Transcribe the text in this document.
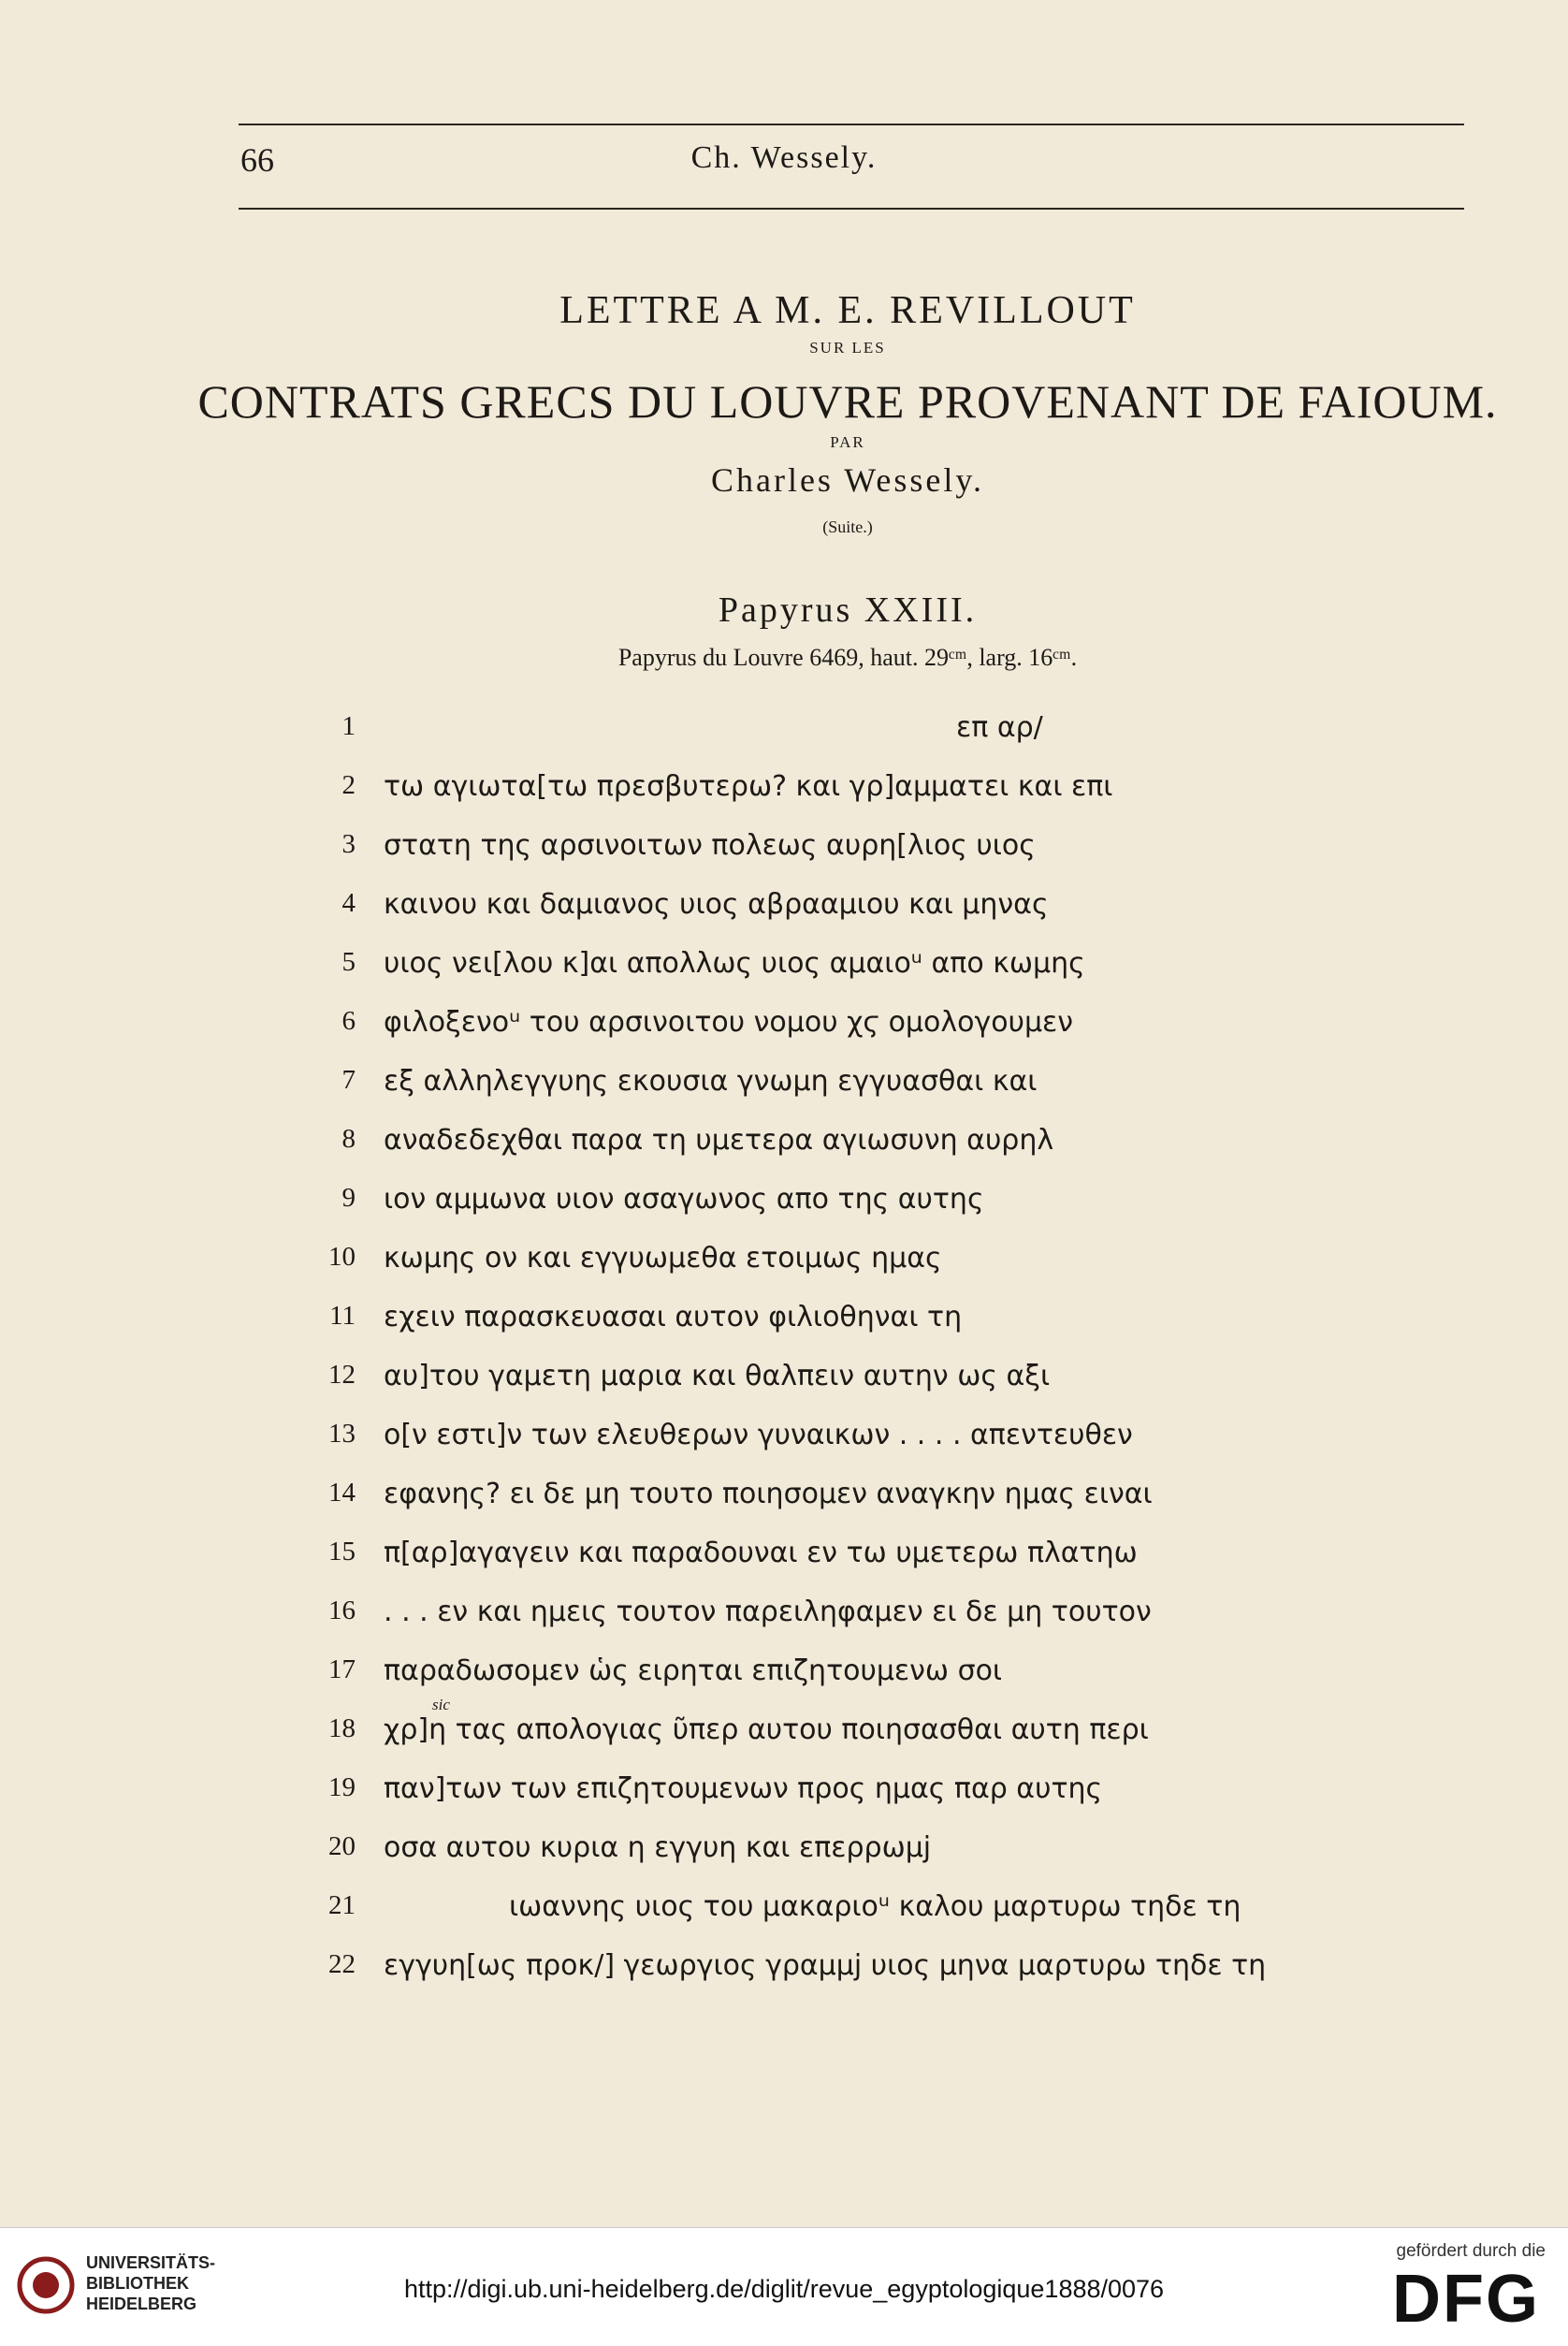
66	Ch. Wessely.
LETTRE A M. E. REVILLOUT
SUR LES
CONTRATS GRECS DU LOUVRE PROVENANT DE FAIOUM.
PAR
Charles Wessely.
(Suite.)
Papyrus XXIII.
Papyrus du Louvre 6469, haut. 29ᶜᵐ, larg. 16ᶜᵐ.
1	επ αρ/
2 τω αγιωτα[τω πρεσβυτερω? και γρ]αμματει και επι
3 στατη της αρσινοιτων πολεως αυρη[λιος υιος
4 καινου και δαμιανος υιος αβρααμιου και μηνας
5 υιος νει[λου κ]αι απολλως υιος αμαιοᵘ απο κωμης
6 φιλοξενοᵘ του αρσινοιτου νομου χϛ ομολογουμεν
7 εξ αλληλεγγυης εκουσια γνωμη εγγυασθαι και
8 αναδεδεχθαι παρα τη υμετερα αγιωσυνη αυρηλ
9 ιον αμμωνα υιον ασαγωνος απο της αυτης
10 κωμης ον και εγγυωμεθα ετοιμως ημας
11 εχειν παρασκευασαι αυτον φιλιοθηναι τη
12 αυ]του γαμετη μαρια και θαλπειν αυτην ως αξι
13 ο[ν εστι]ν των ελευθερων γυναικων . . . . απεντευθεν
14 εφανης? ει δε μη τουτο ποιησομεν αναγκην ημας ειναι
15 π[αρ]αγαγειν και παραδουναι εν τω υμετερω πλατηω
16 . . . εν και ημεις τουτον παρειληφαμεν ει δε μη τουτον
17 παραδωσομεν ὡς ειρηται επιζητουμενω σοι
18 χρ]η τας απολογιας ῦπερ αυτου ποιησασθαι αυτη περι
19 παν]των των επιζητουμενων προς ημας παρ αυτης
20 οσα αυτου κυρια η εγγυη και επερρωμϳ
21	ιωαννης υιος του μακαριοᵘ καλου μαρτυρω τηδε τη
22 εγγυη[ως προκ/] γεωργιος γραμμϳ υιος μηνα μαρτυρω τηδε τη
sic
UNIVERSITÄTS-
BIBLIOTHEK
HEIDELBERG
http://digi.ub.uni-heidelberg.de/diglit/revue_egyptologique1888/0076
gefördert durch die
DFG
